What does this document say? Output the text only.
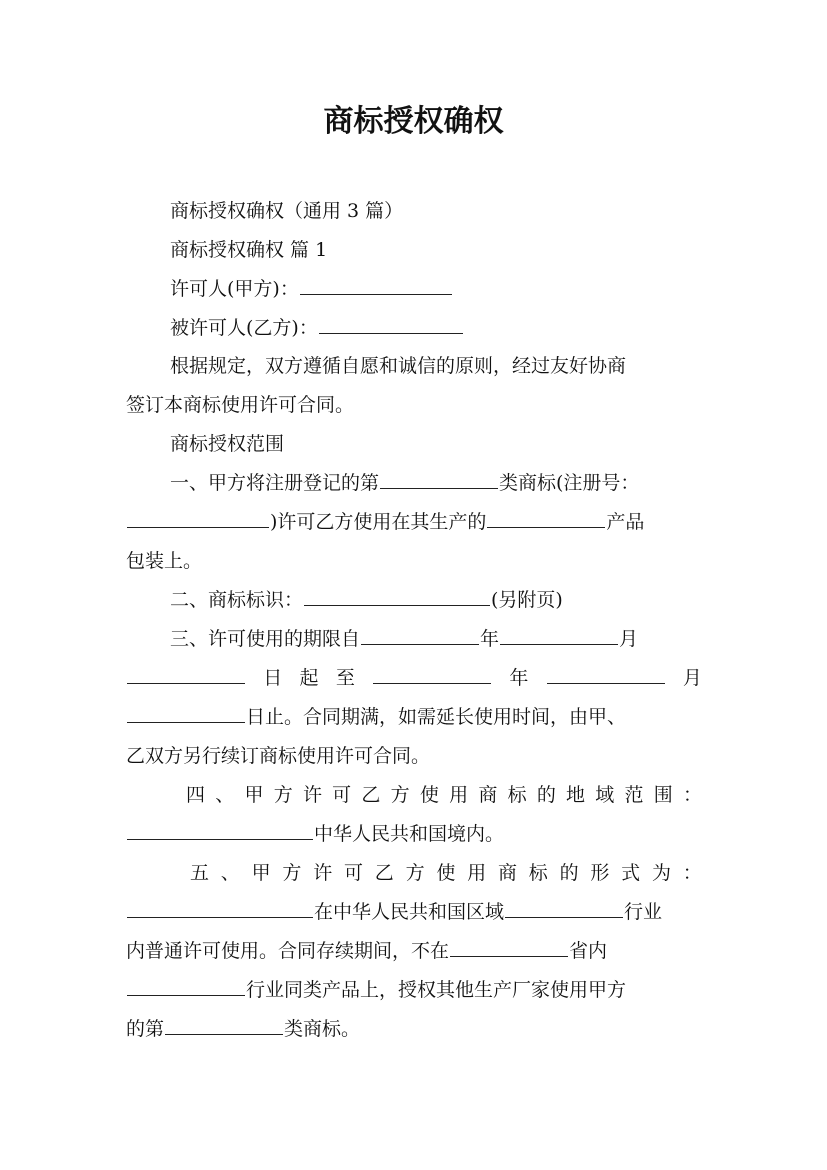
商标授权确权
商标授权确权（通用 3 篇）
商标授权确权 篇 1
许可人(甲方)：
被许可人(乙方)：
根据规定，双方遵循自愿和诚信的原则，经过友好协商
签订本商标使用许可合同。
商标授权范围
一、甲方将注册登记的第	类商标(注册号：
)许可乙方使用在其生产的	产品
包装上。
二、商标标识：	(另附页)
三、许可使用的期限自	年	月
日 起 至	年	月
日止。合同期满，如需延长使用时间，由甲、
乙双方另行续订商标使用许可合同。
四 、 甲 方 许 可 乙 方 使 用 商 标 的 地 域 范 围 ：
中华人民共和国境内。
五 、 甲 方 许 可 乙 方 使 用 商 标 的 形 式 为 ：
在中华人民共和国区域	行业
内普通许可使用。合同存续期间，不在	省内
行业同类产品上，授权其他生产厂家使用甲方
的第	类商标。
